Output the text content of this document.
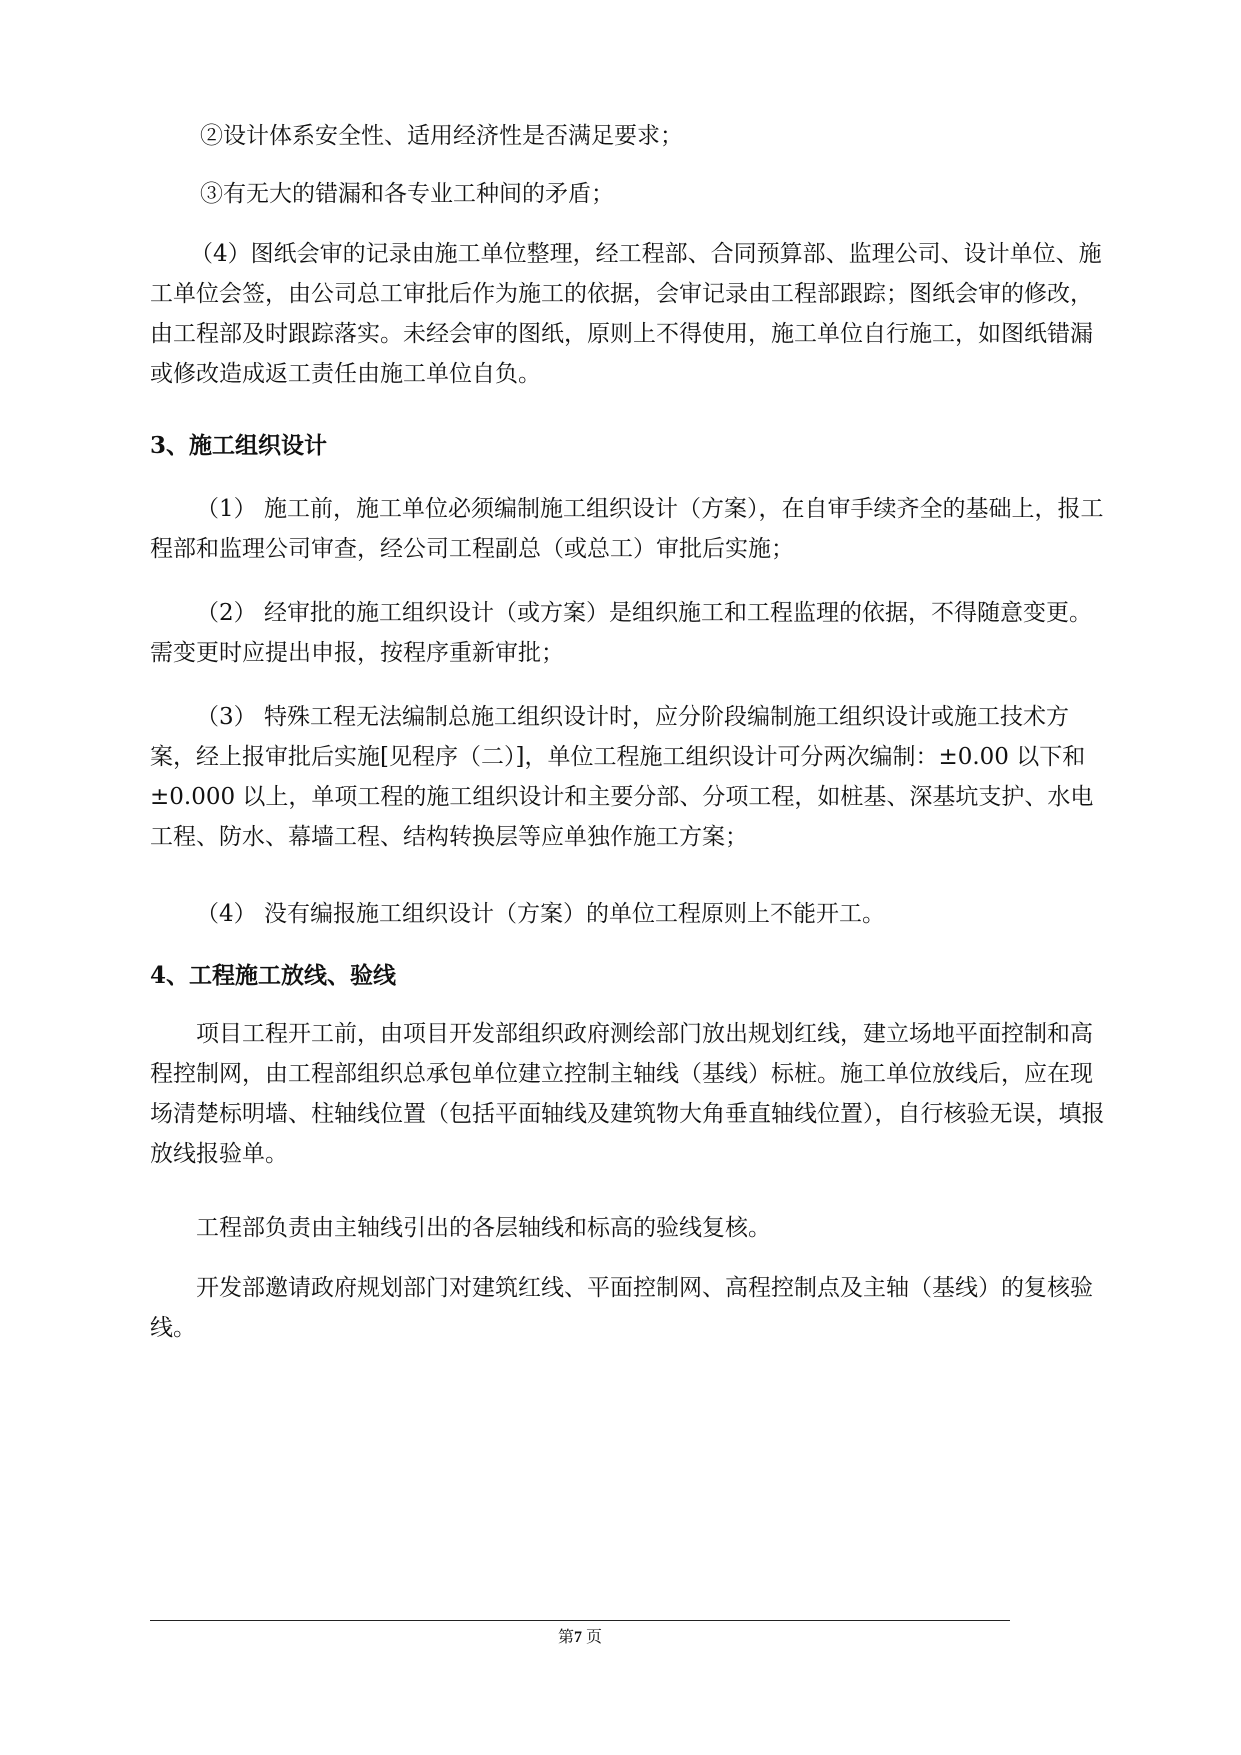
②设计体系安全性、适用经济性是否满足要求；

③有无大的错漏和各专业工种间的矛盾；

（4）图纸会审的记录由施工单位整理，经工程部、合同预算部、监理公司、设计单位、施工单位会签，由公司总工审批后作为施工的依据，会审记录由工程部跟踪；图纸会审的修改，由工程部及时跟踪落实。未经会审的图纸，原则上不得使用，施工单位自行施工，如图纸错漏或修改造成返工责任由施工单位自负。

3、施工组织设计

（1） 施工前，施工单位必须编制施工组织设计（方案），在自审手续齐全的基础上，报工程部和监理公司审查，经公司工程副总（或总工）审批后实施；

（2） 经审批的施工组织设计（或方案）是组织施工和工程监理的依据，不得随意变更。需变更时应提出申报，按程序重新审批；

（3） 特殊工程无法编制总施工组织设计时，应分阶段编制施工组织设计或施工技术方案，经上报审批后实施[见程序（二）]，单位工程施工组织设计可分两次编制：±0.00 以下和±0.000 以上，单项工程的施工组织设计和主要分部、分项工程，如桩基、深基坑支护、水电工程、防水、幕墙工程、结构转换层等应单独作施工方案；

（4） 没有编报施工组织设计（方案）的单位工程原则上不能开工。

4、工程施工放线、验线

项目工程开工前，由项目开发部组织政府测绘部门放出规划红线，建立场地平面控制和高程控制网，由工程部组织总承包单位建立控制主轴线（基线）标桩。施工单位放线后，应在现场清楚标明墙、柱轴线位置（包括平面轴线及建筑物大角垂直轴线位置），自行核验无误，填报放线报验单。

工程部负责由主轴线引出的各层轴线和标高的验线复核。

开发部邀请政府规划部门对建筑红线、平面控制网、高程控制点及主轴（基线）的复核验线。

第7 页
